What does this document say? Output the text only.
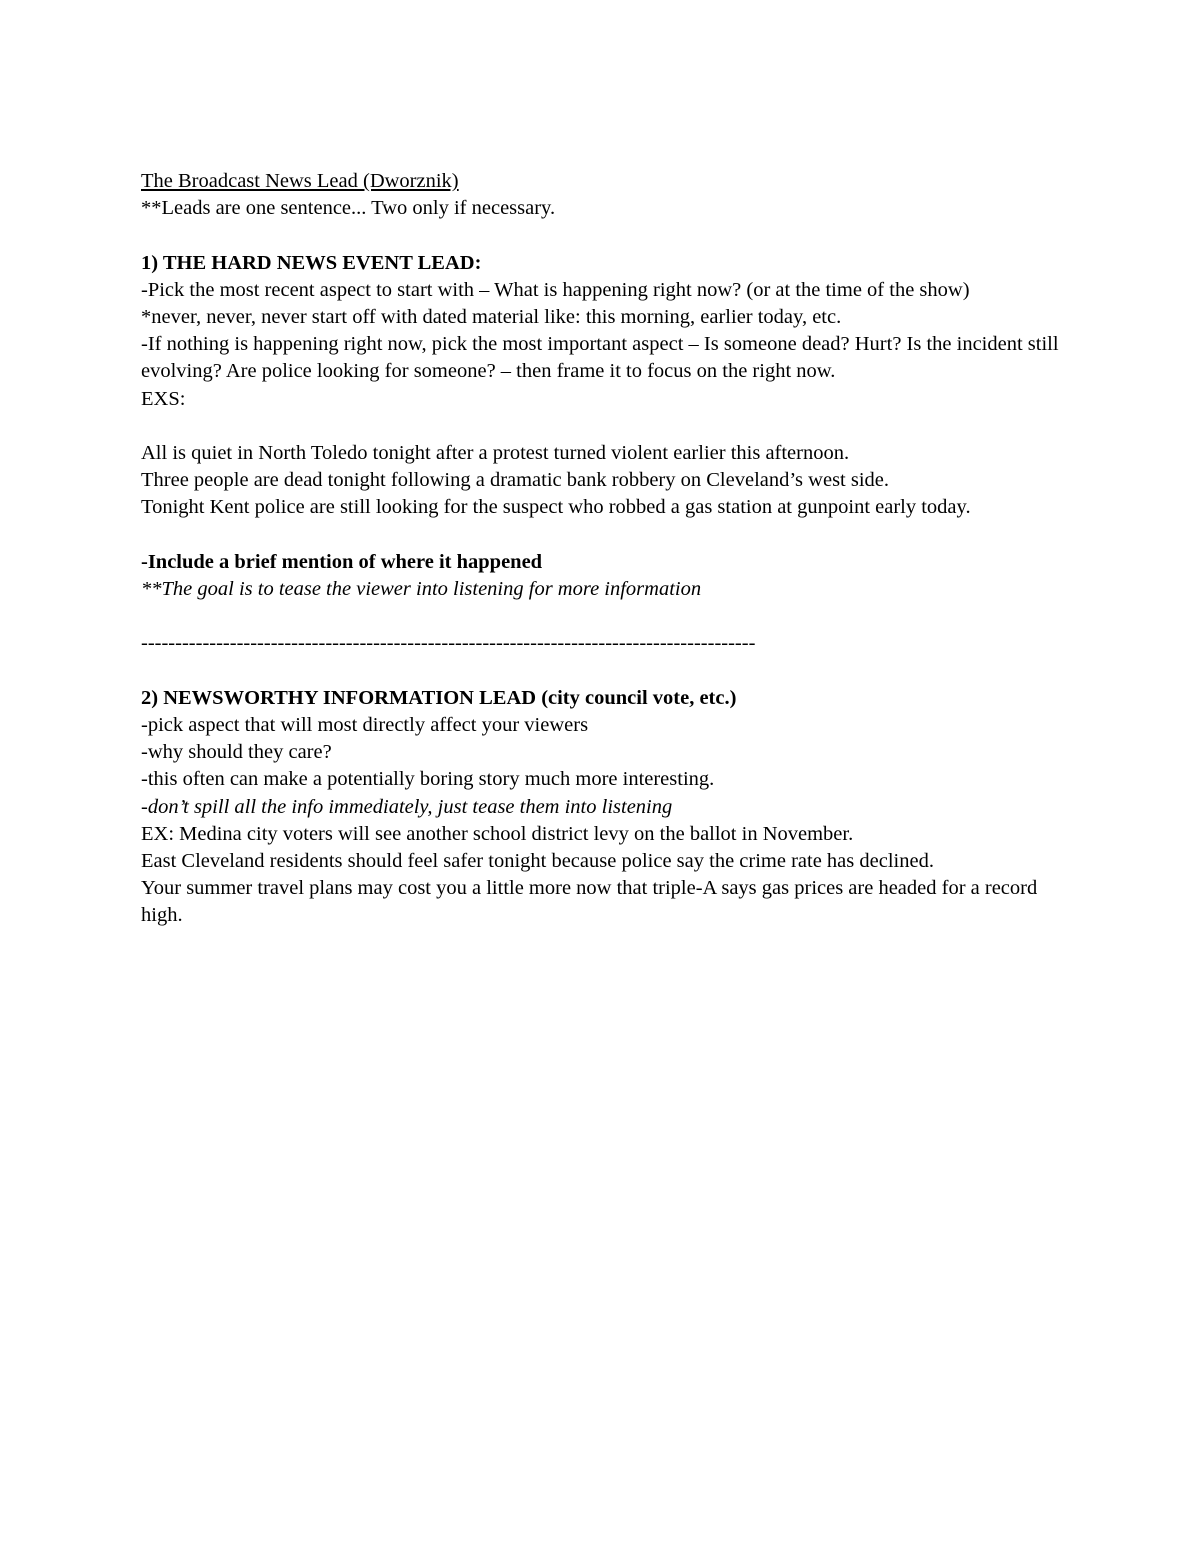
The Broadcast News Lead (Dworznik)

**Leads are one sentence... Two only if necessary.

1) THE HARD NEWS EVENT LEAD:

-Pick the most recent aspect to start with – What is happening right now? (or at the time of the show)

*never, never, never start off with dated material like: this morning, earlier today, etc.

-If nothing is happening right now, pick the most important aspect – Is someone dead? Hurt? Is the incident still evolving? Are police looking for someone? – then frame it to focus on the right now.

EXS:

All is quiet in North Toledo tonight after a protest turned violent earlier this afternoon.

Three people are dead tonight following a dramatic bank robbery on Cleveland’s west side.

Tonight Kent police are still looking for the suspect who robbed a gas station at gunpoint early today.

-Include a brief mention of where it happened

**The goal is to tease the viewer into listening for more information

------------------------------------------------------------------------------------------

2) NEWSWORTHY INFORMATION LEAD (city council vote, etc.)

-pick aspect that will most directly affect your viewers

-why should they care?

-this often can make a potentially boring story much more interesting.

-don’t spill all the info immediately, just tease them into listening

EX: Medina city voters will see another school district levy on the ballot in November.

East Cleveland residents should feel safer tonight because police say the crime rate has declined.

Your summer travel plans may cost you a little more now that triple-A says gas prices are headed for a record high.
